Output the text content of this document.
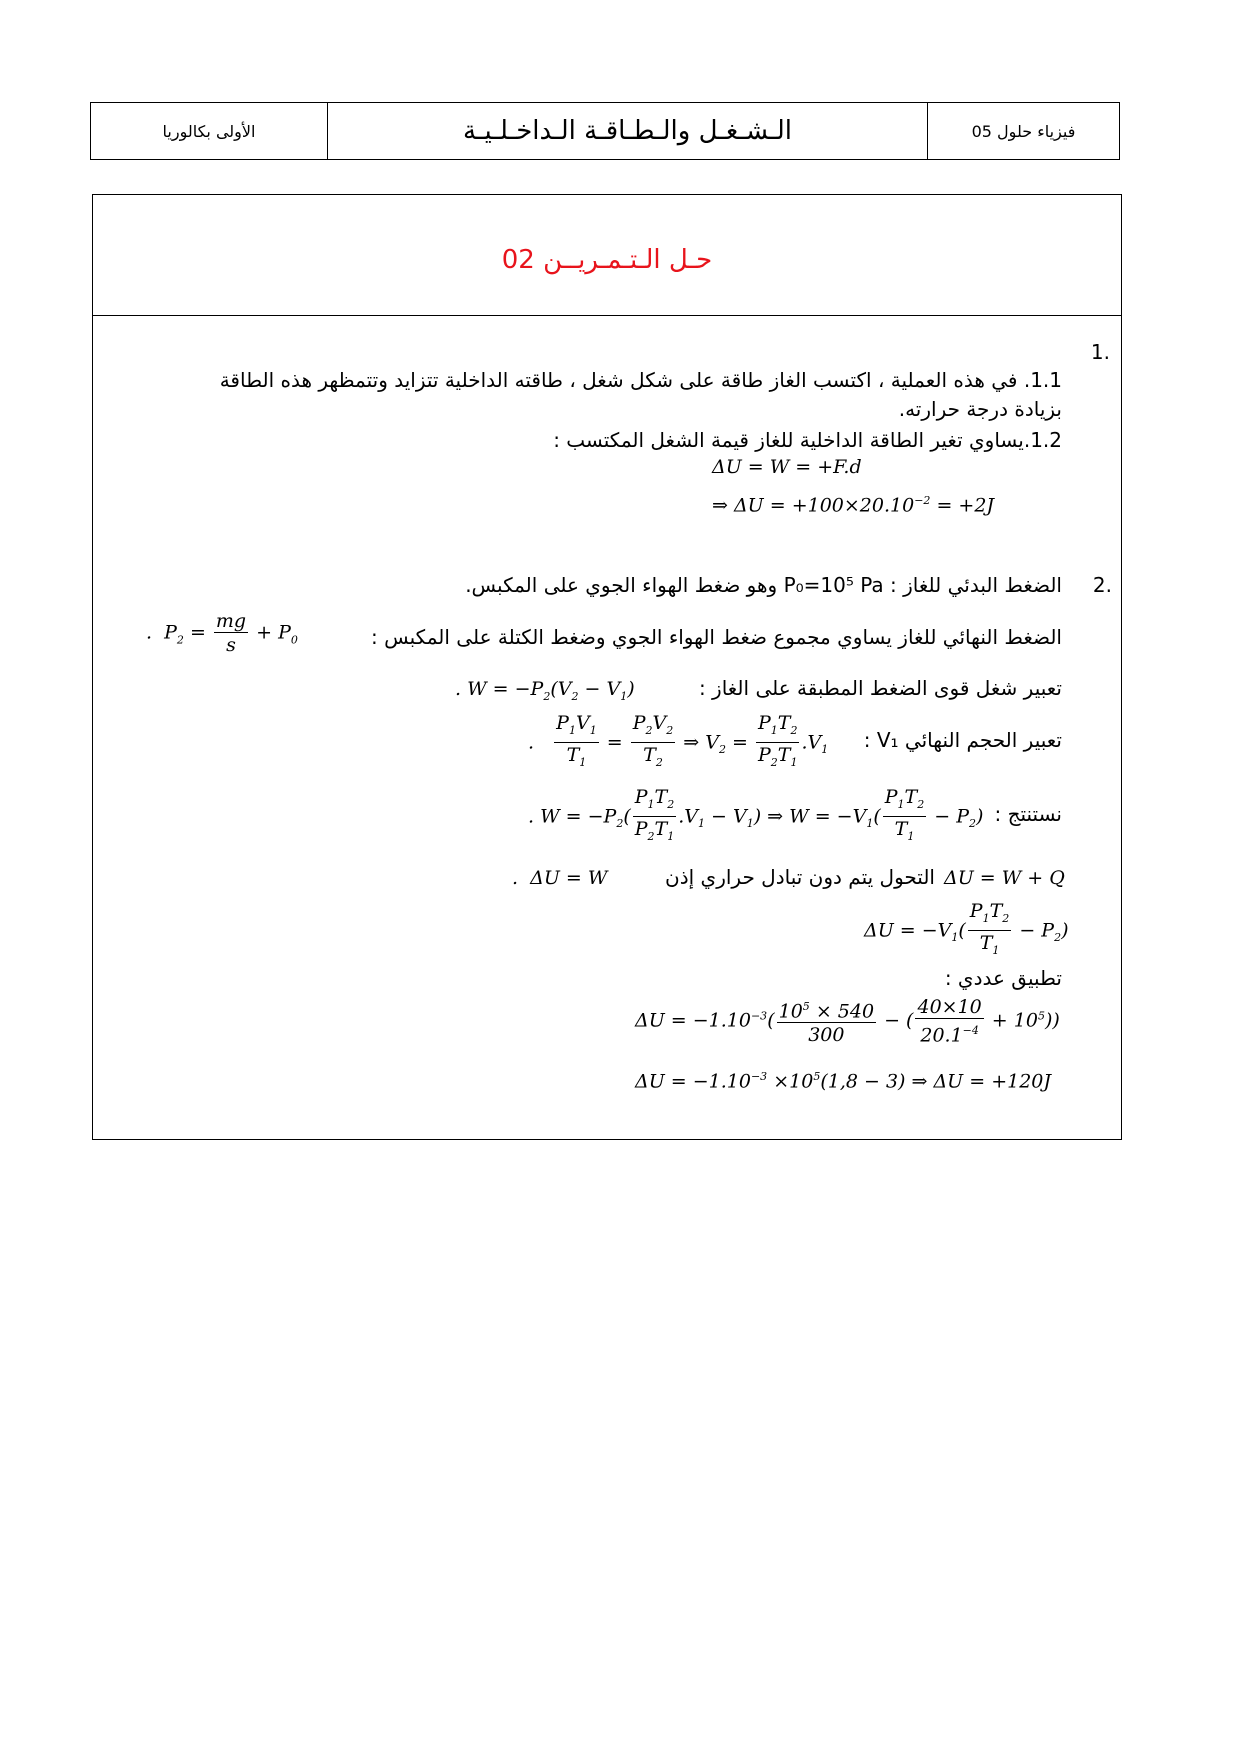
الأولى بكالوريا	الـشـغـل والـطـاقـة الـداخـلـيـة	فيزياء حلول 05
حـل الـتـمـريــن 02
.1
1.1. في هذه العملية ، اكتسب الغاز طاقة على شكل شغل ، طاقته الداخلية تتزايد وتتمظهر هذه الطاقة
بزيادة درجة حرارته.
1.2.يساوي تغير الطاقة الداخلية للغاز قيمة الشغل المكتسب :
ΔU = W = +F.d
⇒ $\Delta U = +100\times 20.10^{-2} = +2J$
.2
الضغط البدئي للغاز : P₀=10⁵ Pa وهو ضغط الهواء الجوي على المكبس.
الضغط النهائي للغاز يساوي مجموع ضغط الهواء الجوي وضغط الكتلة على المكبس :
.  $P_2 = \frac{mg}{s} + P_0$
تعبير شغل قوى الضغط المطبقة على الغاز :
. $W = -P_2(V_2 - V_1)$
تعبير الحجم النهائي V₁ :
. $\frac{P_1V_1}{T_1} = \frac{P_2V_2}{T_2}$ ⇒ $V_2 = \frac{P_1T_2}{P_2T_1} .V_1$
نستنتج :
. $W = -P_2( \frac{P_1T_2}{P_2T_1} .V_1 - V_1)$ ⇒ $W = -V_1( \frac{P_1T_2}{T_1} - P_2)$
ΔU = W + Q
التحول يتم دون تبادل حراري إذن
.  ΔU = W
$\Delta U = -V_1( \frac{P_1T_2}{T_1} - P_2)$
تطبيق عددي :
$\Delta U = -1.10^{-3}( \frac{10^5 \times 540}{300}$ − ( $\frac{40\times 10}{20.1^{-4}} + 10^5$))
$\Delta U = -1.10^{-3} \times 10^5(1,8 - 3)$ ⇒ ΔU = +120J
